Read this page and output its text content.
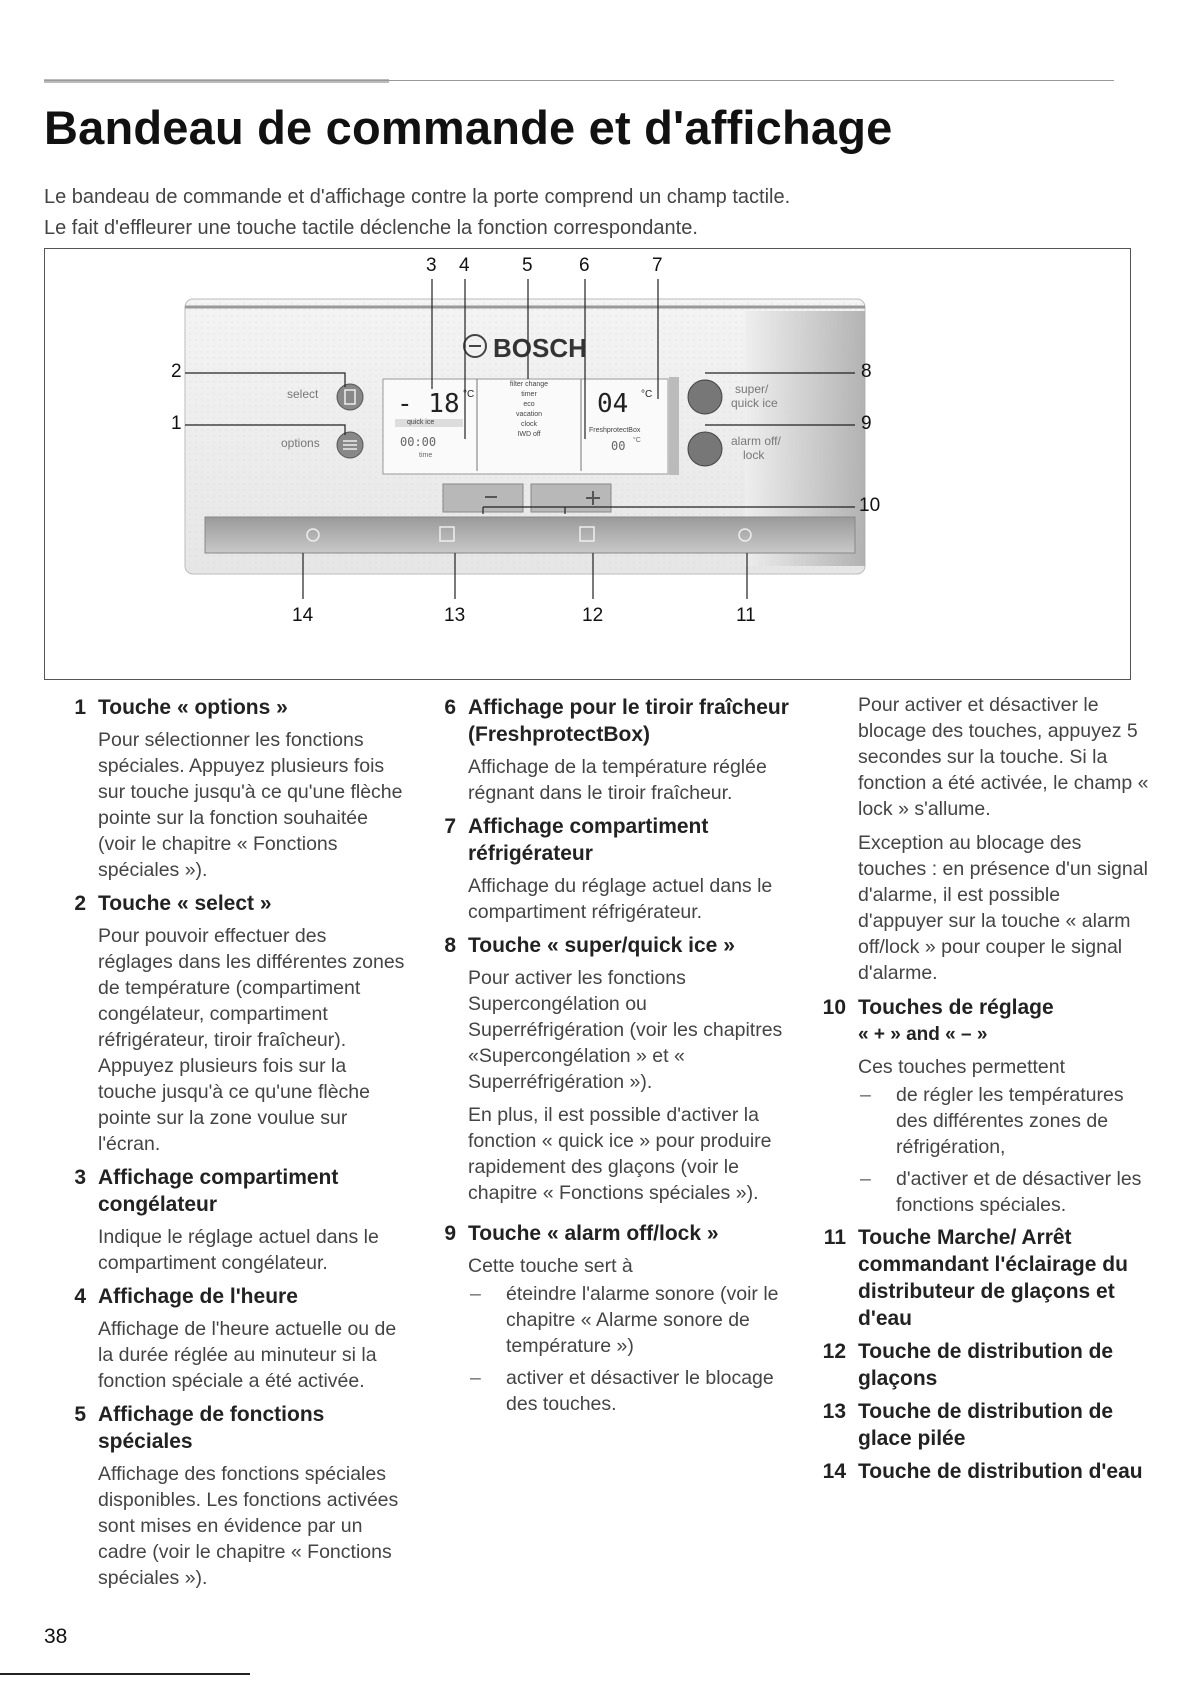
Bandeau de commande et d'affichage

Le bandeau de commande et d'affichage contre la porte comprend un champ tactile.

Le fait d'effleurer une touche tactile déclenche la fonction correspondante.

BOSCH
select
options
- 18 °C
quick ice
00:00
time
filter change
timer
eco
vacation
clock
IWD off
04 °C
FreshprotectBox
00 °C
super/
quick ice
alarm off/
lock
3 4	5 6	7
2
1
8
9
10
14	13	12	11
1 Touche « options »

Pour sélectionner les fonctions spéciales. Appuyez plusieurs fois sur touche jusqu'à ce qu'une flèche pointe sur la fonction souhaitée (voir le chapitre « Fonctions spéciales »).

2 Touche « select »

Pour pouvoir effectuer des réglages dans les différentes zones de température (compartiment congélateur, compartiment réfrigérateur, tiroir fraîcheur). Appuyez plusieurs fois sur la touche jusqu'à ce qu'une flèche pointe sur la zone voulue sur l'écran.

3 Affichage compartiment congélateur

Indique le réglage actuel dans le compartiment congélateur.

4 Affichage de l'heure

Affichage de l'heure actuelle ou de la durée réglée au minuteur si la fonction spéciale a été activée.

5 Affichage de fonctions spéciales

Affichage des fonctions spéciales disponibles. Les fonctions activées sont mises en évidence par un cadre (voir le chapitre « Fonctions spéciales »).

6 Affichage pour le tiroir fraîcheur (FreshprotectBox)

Affichage de la température réglée régnant dans le tiroir fraîcheur.

7 Affichage compartiment réfrigérateur

Affichage du réglage actuel dans le compartiment réfrigérateur.

8 Touche « super/quick ice »

Pour activer les fonctions Supercongélation ou Superréfrigération (voir les chapitres «Supercongélation » et « Superréfrigération »).

En plus, il est possible d'activer la fonction « quick ice » pour produire rapidement des glaçons (voir le chapitre « Fonctions spéciales »).

9 Touche « alarm off/lock »

Cette touche sert à

– éteindre l'alarme sonore (voir le chapitre « Alarme sonore de température »)
– activer et désactiver le blocage des touches.

Pour activer et désactiver le blocage des touches, appuyez 5 secondes sur la touche. Si la fonction a été activée, le champ « lock » s'allume.

Exception au blocage des touches : en présence d'un signal d'alarme, il est possible d'appuyer sur la touche « alarm off/lock » pour couper le signal d'alarme.

10 Touches de réglage
« + » and « – »

Ces touches permettent

– de régler les températures des différentes zones de réfrigération,
– d'activer et de désactiver les fonctions spéciales.
11 Touche Marche/ Arrêt commandant l'éclairage du distributeur de glaçons et d'eau
12 Touche de distribution de glaçons
13 Touche de distribution de glace pilée
14 Touche de distribution d'eau
38
